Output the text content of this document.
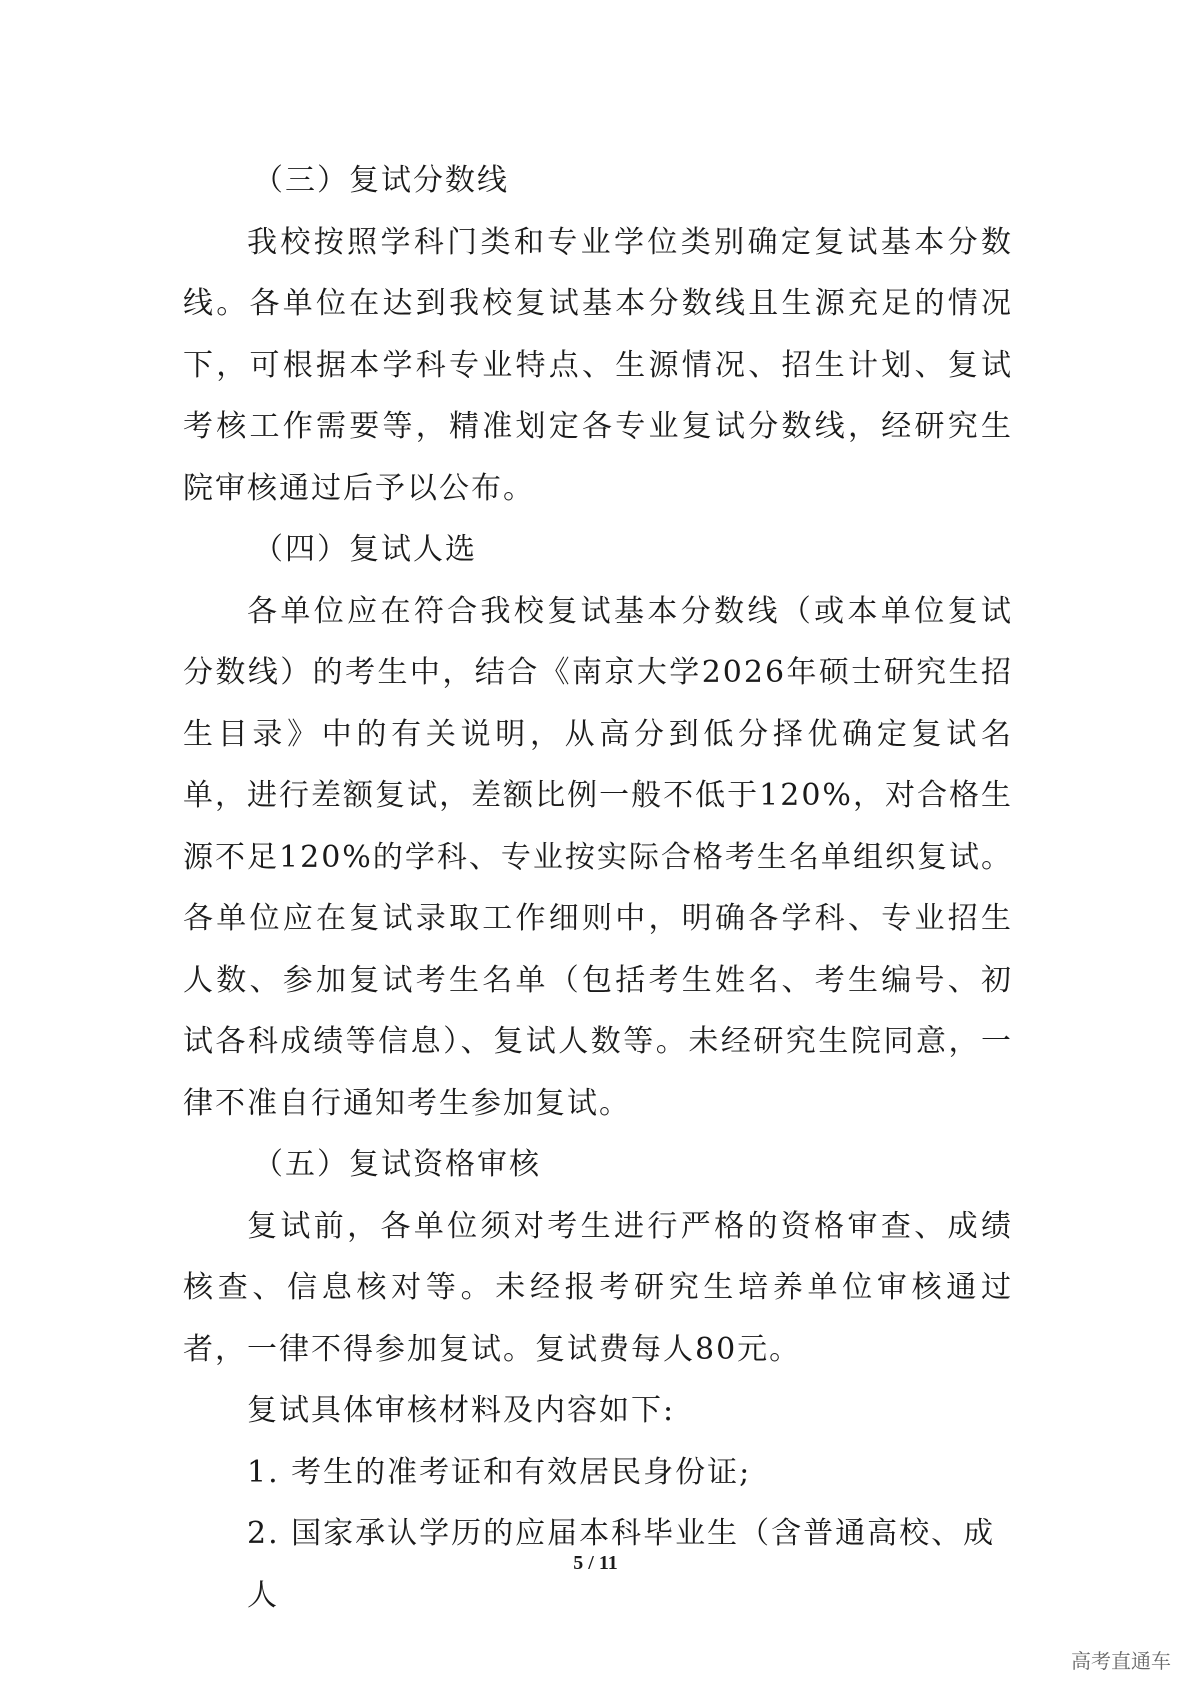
（三）复试分数线

我校按照学科门类和专业学位类别确定复试基本分数线。各单位在达到我校复试基本分数线且生源充足的情况下，可根据本学科专业特点、生源情况、招生计划、复试考核工作需要等，精准划定各专业复试分数线，经研究生院审核通过后予以公布。

（四）复试人选

各单位应在符合我校复试基本分数线（或本单位复试分数线）的考生中，结合《南京大学2026年硕士研究生招生目录》中的有关说明，从高分到低分择优确定复试名单，进行差额复试，差额比例一般不低于120%，对合格生源不足120%的学科、专业按实际合格考生名单组织复试。各单位应在复试录取工作细则中，明确各学科、专业招生人数、参加复试考生名单（包括考生姓名、考生编号、初试各科成绩等信息）、复试人数等。未经研究生院同意，一律不准自行通知考生参加复试。

（五）复试资格审核

复试前，各单位须对考生进行严格的资格审查、成绩核查、信息核对等。未经报考研究生培养单位审核通过者，一律不得参加复试。复试费每人80元。

复试具体审核材料及内容如下:

1. 考生的准考证和有效居民身份证;

2. 国家承认学历的应届本科毕业生（含普通高校、成人

5 / 11
高考直通车
